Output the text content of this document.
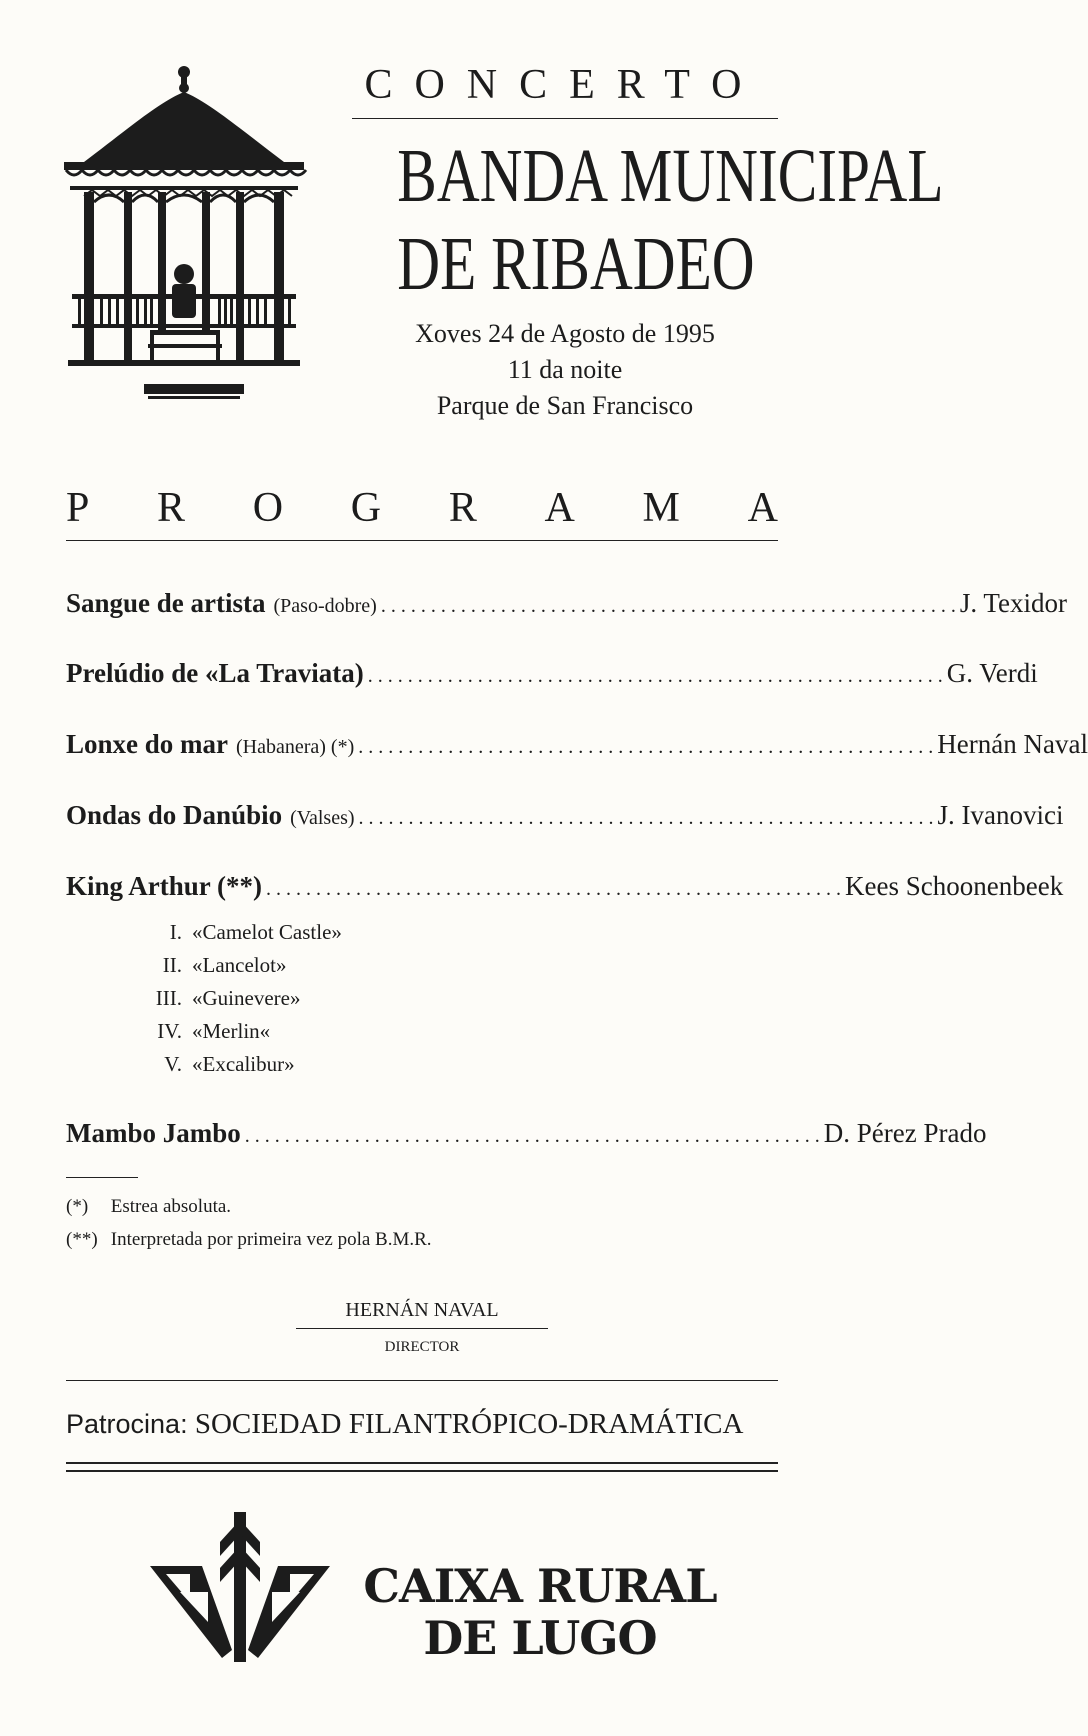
CONCERTO
BANDA MUNICIPAL
DE RIBADEO
Xoves 24 de Agosto de 1995
11 da noite
Parque de San Francisco
P R O G R A M A
Sangue de artista (Paso-dobre) . . .	J. Texidor
Prelúdio de «La Traviata) . . .	G. Verdi
Lonxe do mar (Habanera) (*) . . .	Hernán Naval
Ondas do Danúbio (Valses) . . .	J. Ivanovici
King Arthur (**) . . .	Kees Schoonenbeek
I. «Camelot Castle»
II. «Lancelot»
III. «Guinevere»
IV. «Merlin«
V. «Excalibur»
Mambo Jambo . . .	D. Pérez Prado
(*) Estrea absoluta.
(**) Interpretada por primeira vez pola B.M.R.
HERNÁN NAVAL
DIRECTOR
Patrocina: SOCIEDAD FILANTRÓPICO-DRAMÁTICA
CAIXA RURAL
DE LUGO
